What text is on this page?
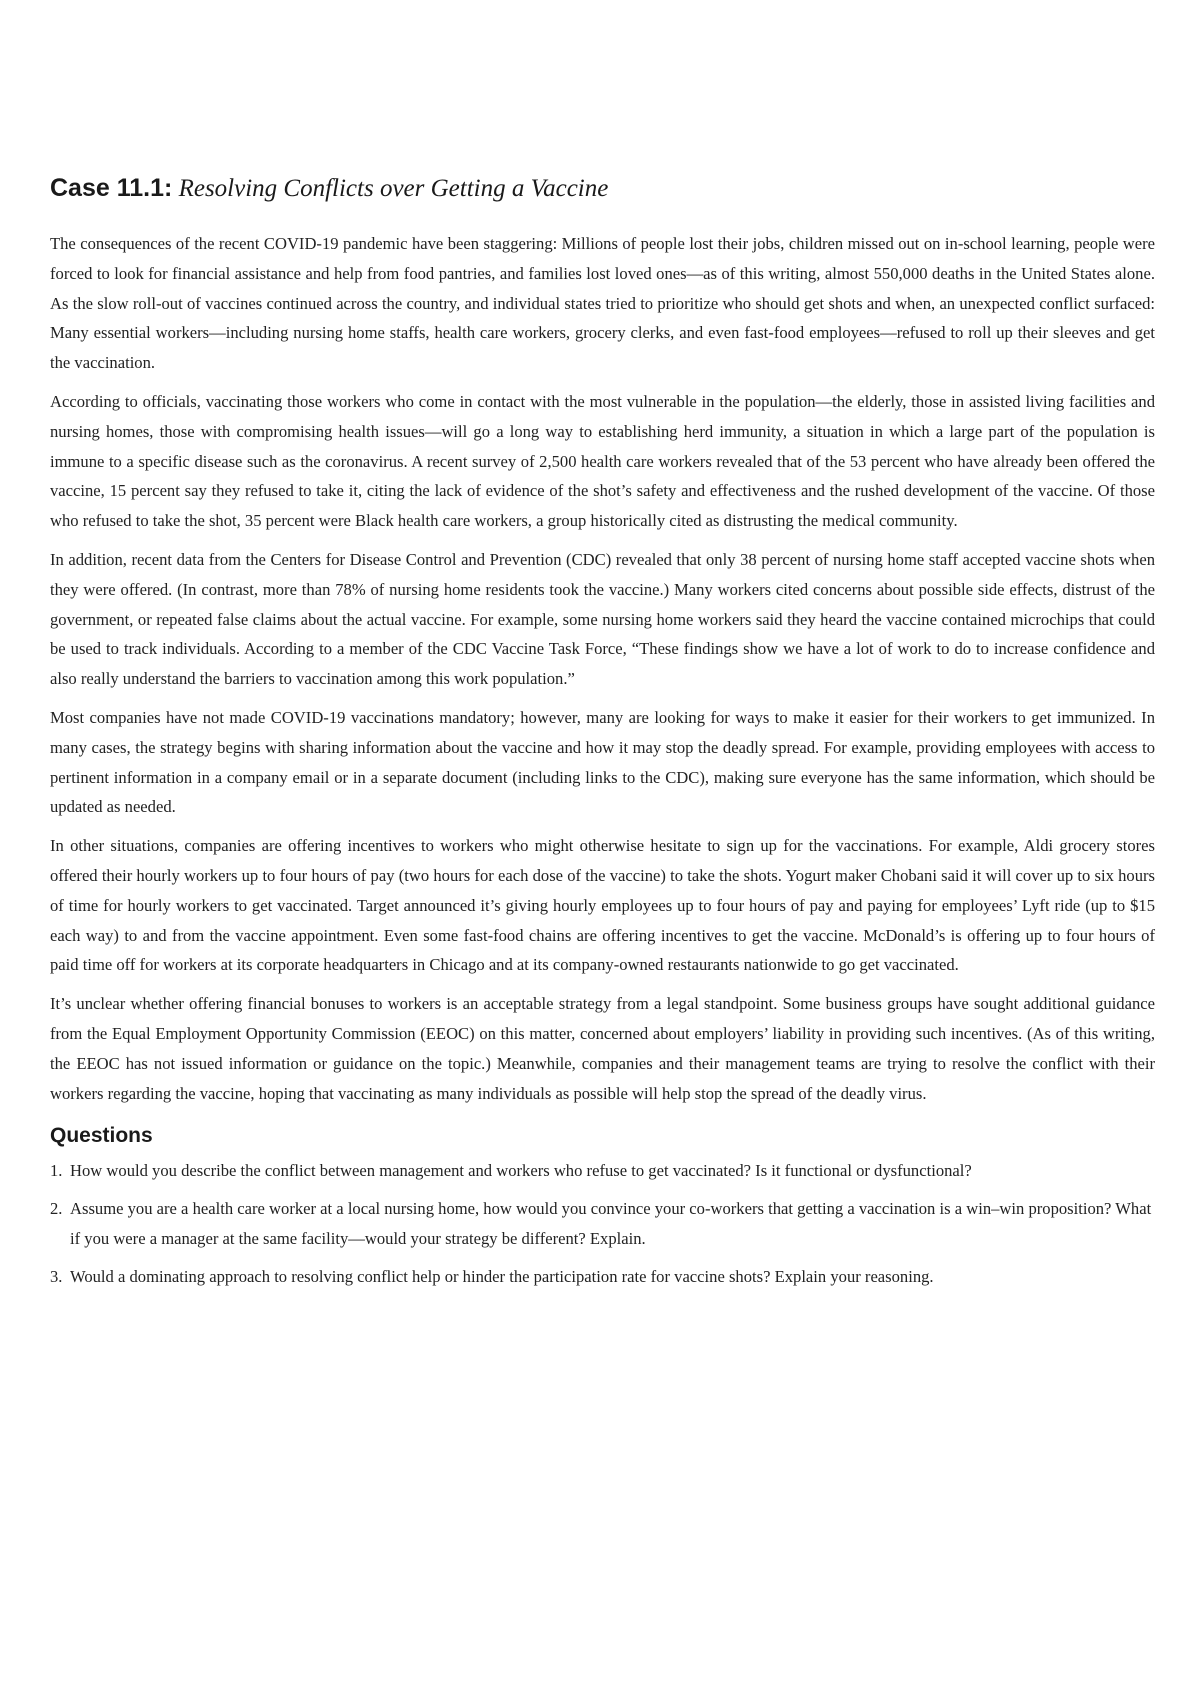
Case 11.1: Resolving Conflicts over Getting a Vaccine

The consequences of the recent COVID-19 pandemic have been staggering: Millions of people lost their jobs, children missed out on in-school learning, people were forced to look for financial assistance and help from food pantries, and families lost loved ones—as of this writing, almost 550,000 deaths in the United States alone. As the slow roll-out of vaccines continued across the country, and individual states tried to prioritize who should get shots and when, an unexpected conflict surfaced: Many essential workers—including nursing home staffs, health care workers, grocery clerks, and even fast-food employees—refused to roll up their sleeves and get the vaccination.

According to officials, vaccinating those workers who come in contact with the most vulnerable in the population—the elderly, those in assisted living facilities and nursing homes, those with compromising health issues—will go a long way to establishing herd immunity, a situation in which a large part of the population is immune to a specific disease such as the coronavirus. A recent survey of 2,500 health care workers revealed that of the 53 percent who have already been offered the vaccine, 15 percent say they refused to take it, citing the lack of evidence of the shot’s safety and effectiveness and the rushed development of the vaccine. Of those who refused to take the shot, 35 percent were Black health care workers, a group historically cited as distrusting the medical community.

In addition, recent data from the Centers for Disease Control and Prevention (CDC) revealed that only 38 percent of nursing home staff accepted vaccine shots when they were offered. (In contrast, more than 78% of nursing home residents took the vaccine.) Many workers cited concerns about possible side effects, distrust of the government, or repeated false claims about the actual vaccine. For example, some nursing home workers said they heard the vaccine contained microchips that could be used to track individuals. According to a member of the CDC Vaccine Task Force, “These findings show we have a lot of work to do to increase confidence and also really understand the barriers to vaccination among this work population.”

Most companies have not made COVID-19 vaccinations mandatory; however, many are looking for ways to make it easier for their workers to get immunized. In many cases, the strategy begins with sharing information about the vaccine and how it may stop the deadly spread. For example, providing employees with access to pertinent information in a company email or in a separate document (including links to the CDC), making sure everyone has the same information, which should be updated as needed.

In other situations, companies are offering incentives to workers who might otherwise hesitate to sign up for the vaccinations. For example, Aldi grocery stores offered their hourly workers up to four hours of pay (two hours for each dose of the vaccine) to take the shots. Yogurt maker Chobani said it will cover up to six hours of time for hourly workers to get vaccinated. Target announced it’s giving hourly employees up to four hours of pay and paying for employees’ Lyft ride (up to $15 each way) to and from the vaccine appointment. Even some fast-food chains are offering incentives to get the vaccine. McDonald’s is offering up to four hours of paid time off for workers at its corporate headquarters in Chicago and at its company-owned restaurants nationwide to go get vaccinated.

It’s unclear whether offering financial bonuses to workers is an acceptable strategy from a legal standpoint. Some business groups have sought additional guidance from the Equal Employment Opportunity Commission (EEOC) on this matter, concerned about employers’ liability in providing such incentives. (As of this writing, the EEOC has not issued information or guidance on the topic.) Meanwhile, companies and their management teams are trying to resolve the conflict with their workers regarding the vaccine, hoping that vaccinating as many individuals as possible will help stop the spread of the deadly virus.

Questions
1. How would you describe the conflict between management and workers who refuse to get vaccinated? Is it functional or dysfunctional?
2. Assume you are a health care worker at a local nursing home, how would you convince your co-workers that getting a vaccination is a win–win proposition? What if you were a manager at the same facility—would your strategy be different? Explain.
3. Would a dominating approach to resolving conflict help or hinder the participation rate for vaccine shots? Explain your reasoning.
